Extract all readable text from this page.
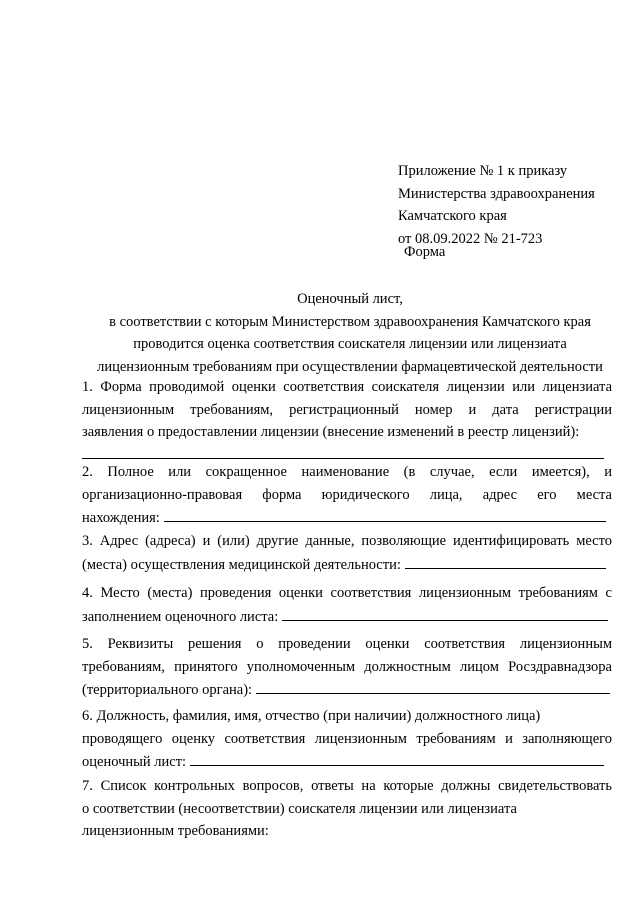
Приложение № 1 к приказу
Министерства здравоохранения
Камчатского края
от 08.09.2022 № 21-723
Форма
Оценочный лист,
в соответствии с которым Министерством здравоохранения Камчатского края
проводится оценка соответствия соискателя лицензии или лицензиата
лицензионным требованиям при осуществлении фармацевтической деятельности
1. Форма проводимой оценки соответствия соискателя лицензии или лицензиата
лицензионным требованиям, регистрационный номер и дата регистрации
заявления о предоставлении лицензии (внесение изменений в реестр лицензий):
2. Полное или сокращенное наименование (в случае, если имеется), и
организационно-правовая форма юридического лица, адрес его места
нахождения:
3. Адрес (адреса) и (или) другие данные, позволяющие идентифицировать место
(места) осуществления медицинской деятельности:
4. Место (места) проведения оценки соответствия лицензионным требованиям с
заполнением оценочного листа:
5. Реквизиты решения о проведении оценки соответствия лицензионным
требованиям, принятого уполномоченным должностным лицом Росздравнадзора
(территориального органа):
6. Должность, фамилия, имя, отчество (при наличии) должностного лица)
проводящего оценку соответствия лицензионным требованиям и заполняющего
оценочный лист:
7. Список контрольных вопросов, ответы на которые должны свидетельствовать
о соответствии (несоответствии) соискателя лицензии или лицензиата
лицензионным требованиями:
